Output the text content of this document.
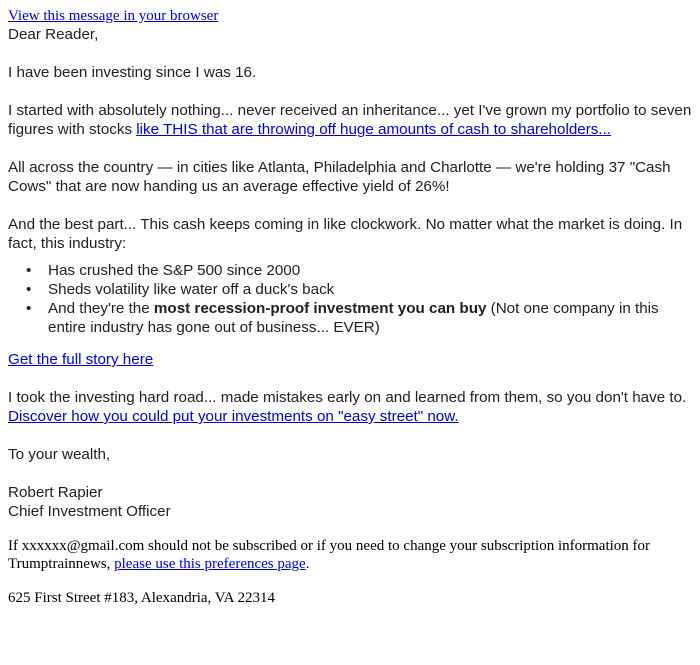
View this message in your browser

Dear Reader,

I have been investing since I was 16.

I started with absolutely nothing... never received an inheritance... yet I've grown my portfolio to seven figures with stocks like THIS that are throwing off huge amounts of cash to shareholders...

All across the country — in cities like Atlanta, Philadelphia and Charlotte — we're holding 37 "Cash Cows" that are now handing us an average effective yield of 26%!

And the best part... This cash keeps coming in like clockwork. No matter what the market is doing. In fact, this industry:

• Has crushed the S&P 500 since 2000
• Sheds volatility like water off a duck's back
• And they're the most recession-proof investment you can buy (Not one company in this entire industry has gone out of business... EVER)

Get the full story here

I took the investing hard road... made mistakes early on and learned from them, so you don't have to.

Discover how you could put your investments on "easy street" now.

To your wealth,

Robert Rapier

Chief Investment Officer

If xxxxxx@gmail.com should not be subscribed or if you need to change your subscription information for Trumptrainnews, please use this preferences page.

625 First Street #183, Alexandria, VA 22314
